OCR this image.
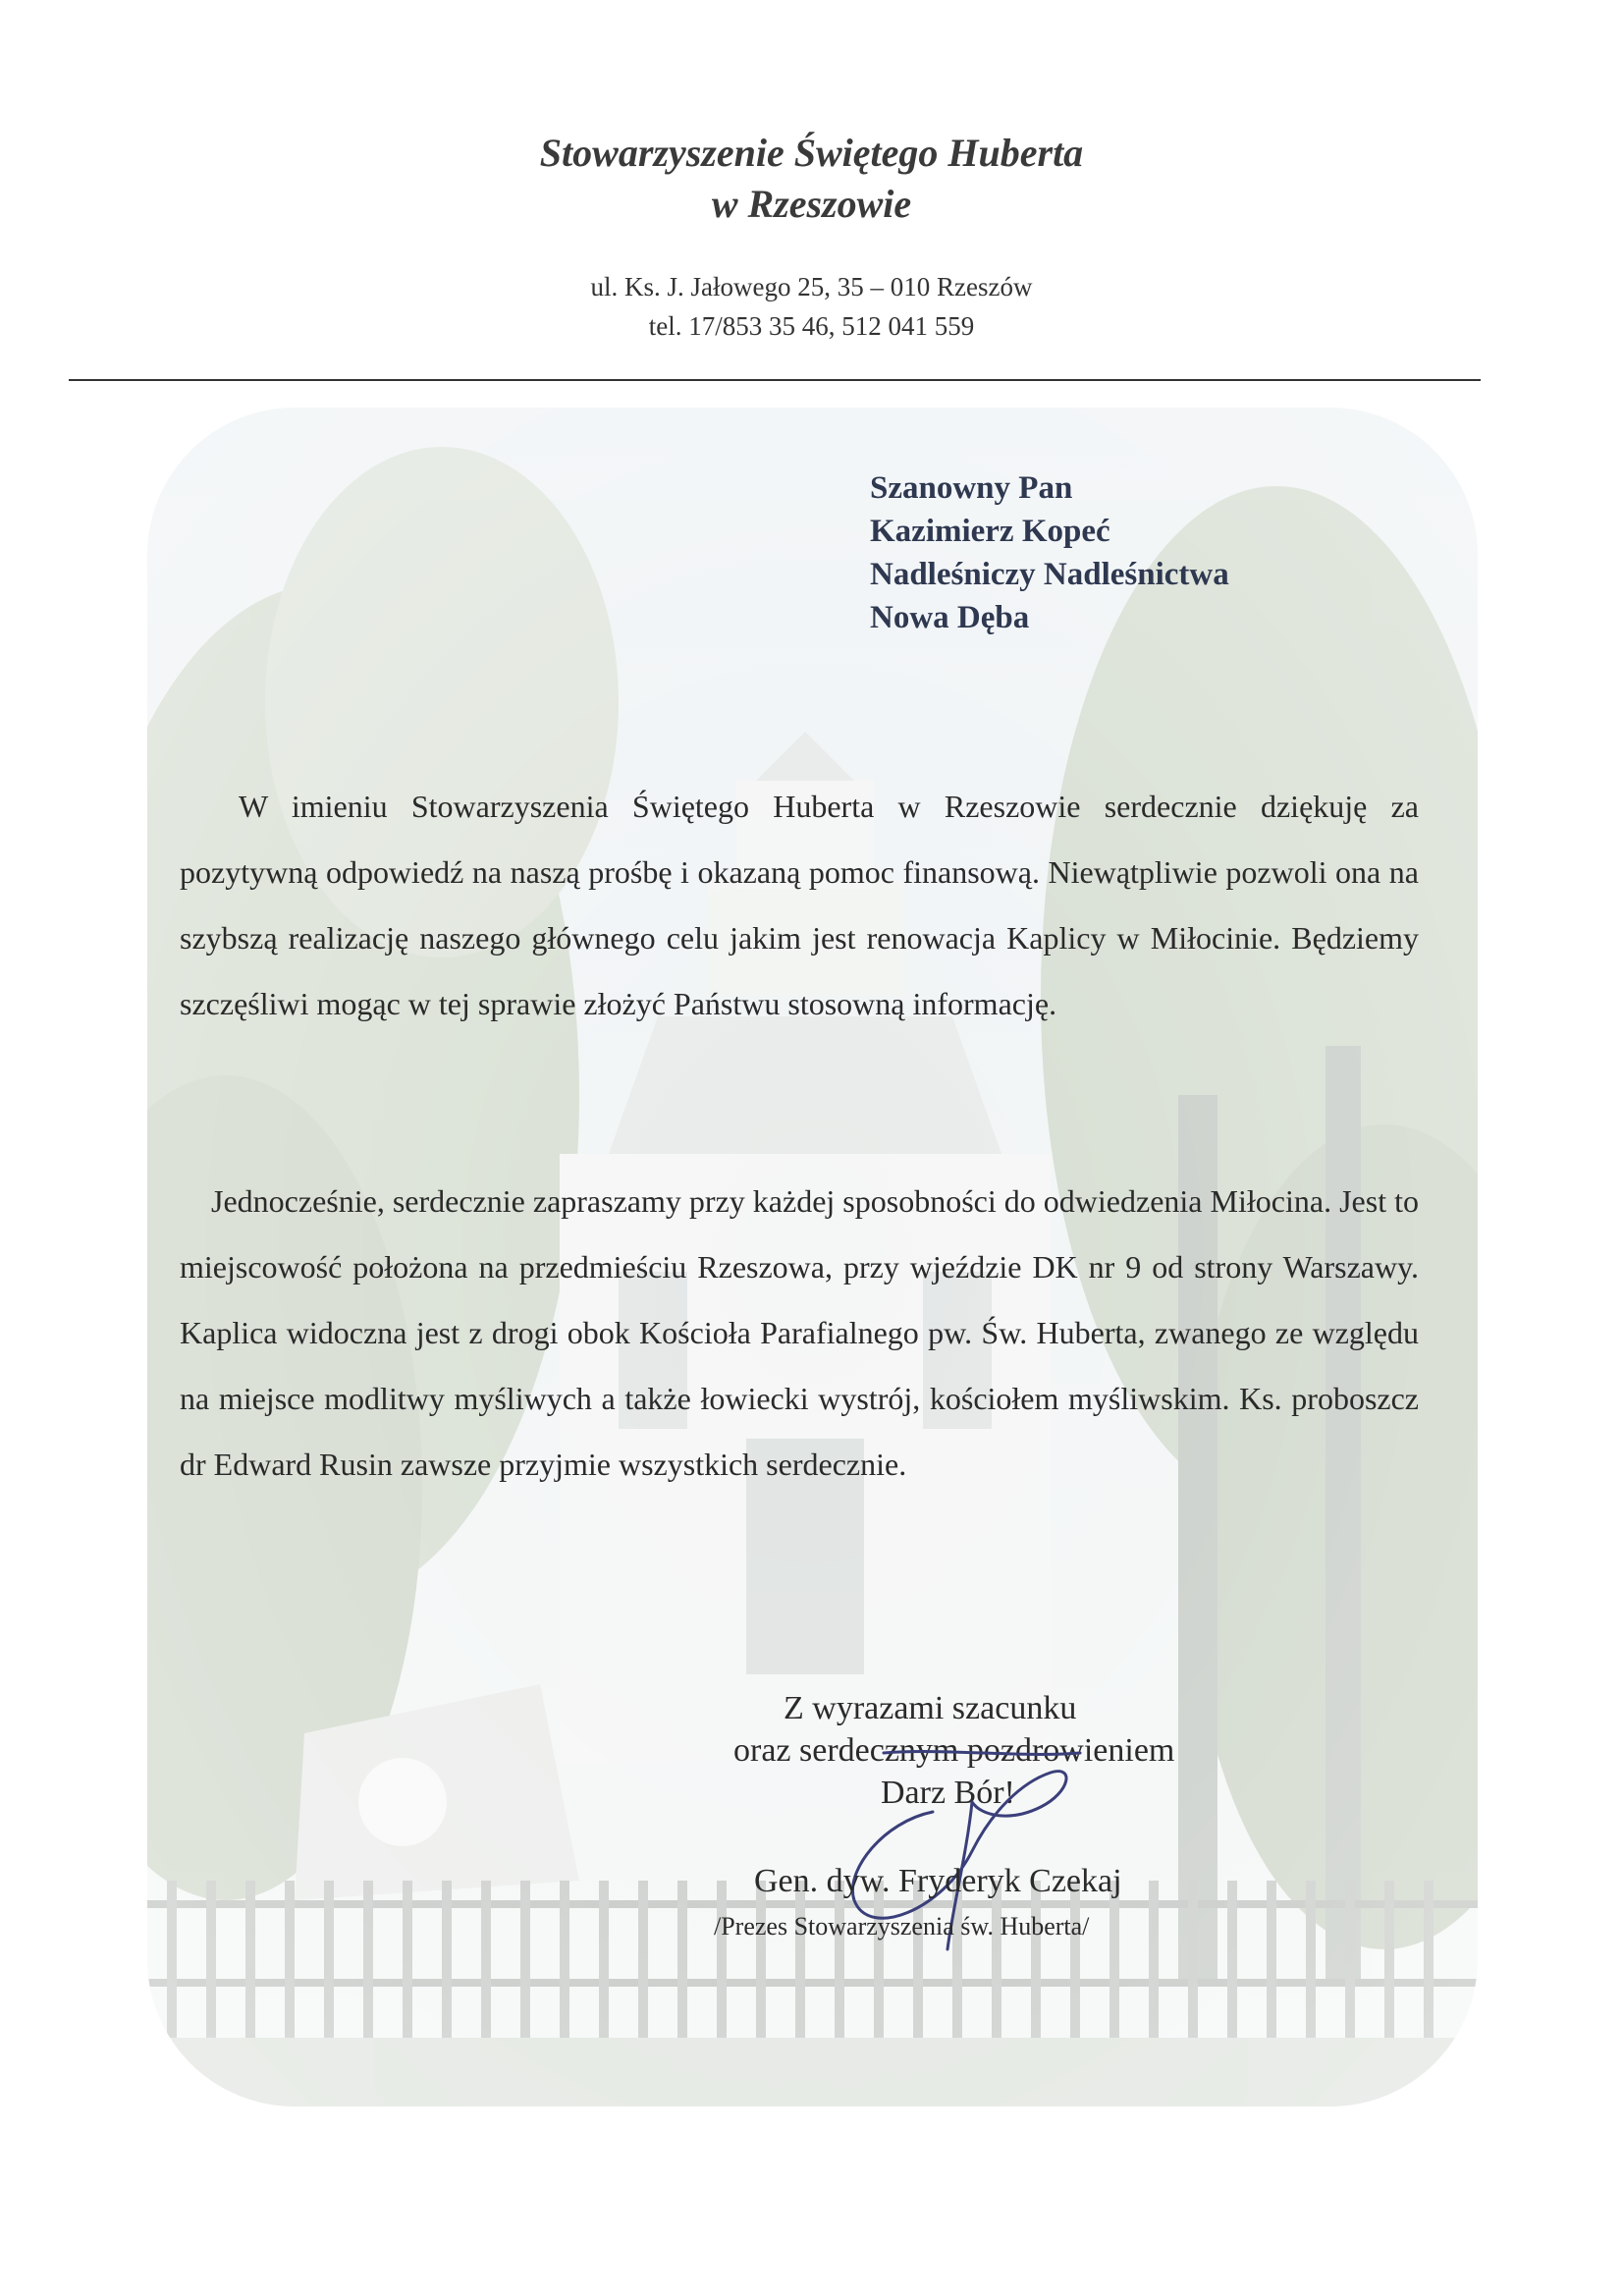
Stowarzyszenie Świętego Huberta
w Rzeszowie
ul. Ks. J. Jałowego 25, 35 – 010 Rzeszów
tel. 17/853 35 46, 512 041 559
Szanowny Pan
Kazimierz Kopeć
Nadleśniczy Nadleśnictwa
Nowa Dęba
W imieniu Stowarzyszenia Świętego Huberta w Rzeszowie serdecznie dziękuję za pozytywną odpowiedź na naszą prośbę i okazaną pomoc finansową. Niewątpliwie pozwoli ona na szybszą realizację naszego głównego celu jakim jest renowacja Kaplicy w Miłocinie. Będziemy szczęśliwi mogąc w tej sprawie złożyć Państwu stosowną informację.
Jednocześnie, serdecznie zapraszamy przy każdej sposobności do odwiedzenia Miłocina. Jest to miejscowość położona na przedmieściu Rzeszowa, przy wjeździe DK nr 9 od strony Warszawy. Kaplica widoczna jest z drogi obok Kościoła Parafialnego pw. Św. Huberta, zwanego ze względu na miejsce modlitwy myśliwych a także łowiecki wystrój, kościołem myśliwskim. Ks. proboszcz dr Edward Rusin zawsze przyjmie wszystkich serdecznie.
Z wyrazami szacunku
oraz serdecznym pozdrowieniem
Darz Bór!
Gen. dyw. Fryderyk Czekaj
/Prezes Stowarzyszenia św. Huberta/
